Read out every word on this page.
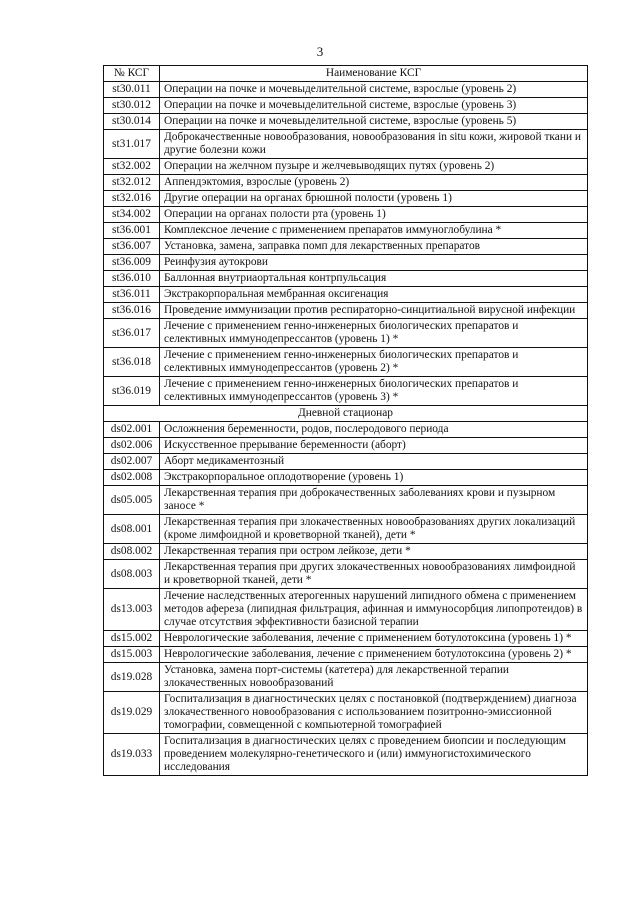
3
№ КСГ	Наименование КСГ
st30.011	Операции на почке и мочевыделительной системе, взрослые (уровень 2)
st30.012	Операции на почке и мочевыделительной системе, взрослые (уровень 3)
st30.014	Операции на почке и мочевыделительной системе, взрослые (уровень 5)
st31.017	Доброкачественные новообразования, новообразования in situ кожи, жировой ткани и другие болезни кожи
st32.002	Операции на желчном пузыре и желчевыводящих путях (уровень 2)
st32.012	Аппендэктомия, взрослые (уровень 2)
st32.016	Другие операции на органах брюшной полости (уровень 1)
st34.002	Операции на органах полости рта (уровень 1)
st36.001	Комплексное лечение с применением препаратов иммуноглобулина *
st36.007	Установка, замена, заправка помп для лекарственных препаратов
st36.009	Реинфузия аутокрови
st36.010	Баллонная внутриаортальная контрпульсация
st36.011	Экстракорпоральная мембранная оксигенация
st36.016	Проведение иммунизации против респираторно-синцитиальной вирусной инфекции
st36.017	Лечение с применением генно-инженерных биологических препаратов и селективных иммунодепрессантов (уровень 1) *
st36.018	Лечение с применением генно-инженерных биологических препаратов и селективных иммунодепрессантов (уровень 2) *
st36.019	Лечение с применением генно-инженерных биологических препаратов и селективных иммунодепрессантов (уровень 3) *
Дневной стационар	
ds02.001	Осложнения беременности, родов, послеродового периода
ds02.006	Искусственное прерывание беременности (аборт)
ds02.007	Аборт медикаментозный
ds02.008	Экстракорпоральное оплодотворение (уровень 1)
ds05.005	Лекарственная терапия при доброкачественных заболеваниях крови и пузырном заносе *
ds08.001	Лекарственная терапия при злокачественных новообразованиях других локализаций (кроме лимфоидной и кроветворной тканей), дети *
ds08.002	Лекарственная терапия при остром лейкозе, дети *
ds08.003	Лекарственная терапия при других злокачественных новообразованиях лимфоидной и кроветворной тканей, дети *
ds13.003	Лечение наследственных атерогенных нарушений липидного обмена с применением методов афереза (липидная фильтрация, афинная и иммуносорбция липопротеидов) в случае отсутствия эффективности базисной терапии
ds15.002	Неврологические заболевания, лечение с применением ботулотоксина (уровень 1) *
ds15.003	Неврологические заболевания, лечение с применением ботулотоксина (уровень 2) *
ds19.028	Установка, замена порт-системы (катетера) для лекарственной терапии злокачественных новообразований
ds19.029	Госпитализация в диагностических целях с постановкой (подтверждением) диагноза злокачественного новообразования с использованием позитронно-эмиссионной томографии, совмещенной с компьютерной томографией
ds19.033	Госпитализация в диагностических целях с проведением биопсии и последующим проведением молекулярно-генетического и (или) иммуногистохимического исследования
